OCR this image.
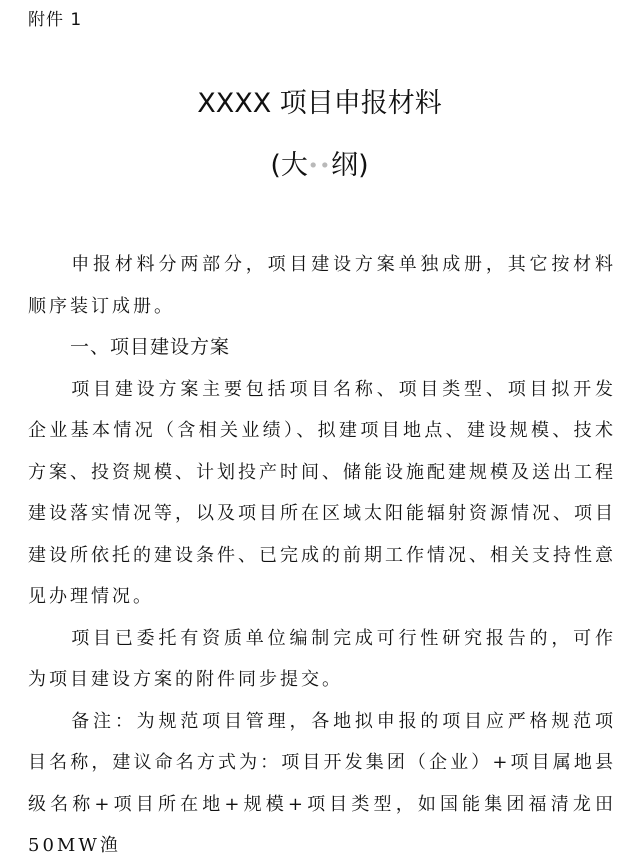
附件 1
XXXX 项目申报材料
(大••纲)

申报材料分两部分，项目建设方案单独成册，其它按材料顺序装订成册。

一、项目建设方案

项目建设方案主要包括项目名称、项目类型、项目拟开发企业基本情况（含相关业绩）、拟建项目地点、建设规模、技术方案、投资规模、计划投产时间、储能设施配建规模及送出工程建设落实情况等，以及项目所在区域太阳能辐射资源情况、项目建设所依托的建设条件、已完成的前期工作情况、相关支持性意见办理情况。

项目已委托有资质单位编制完成可行性研究报告的，可作为项目建设方案的附件同步提交。

备注：为规范项目管理，各地拟申报的项目应严格规范项目名称，建议命名方式为：项目开发集团（企业）+项目属地县级名称+项目所在地+规模+项目类型，如国能集团福清龙田50MW渔
